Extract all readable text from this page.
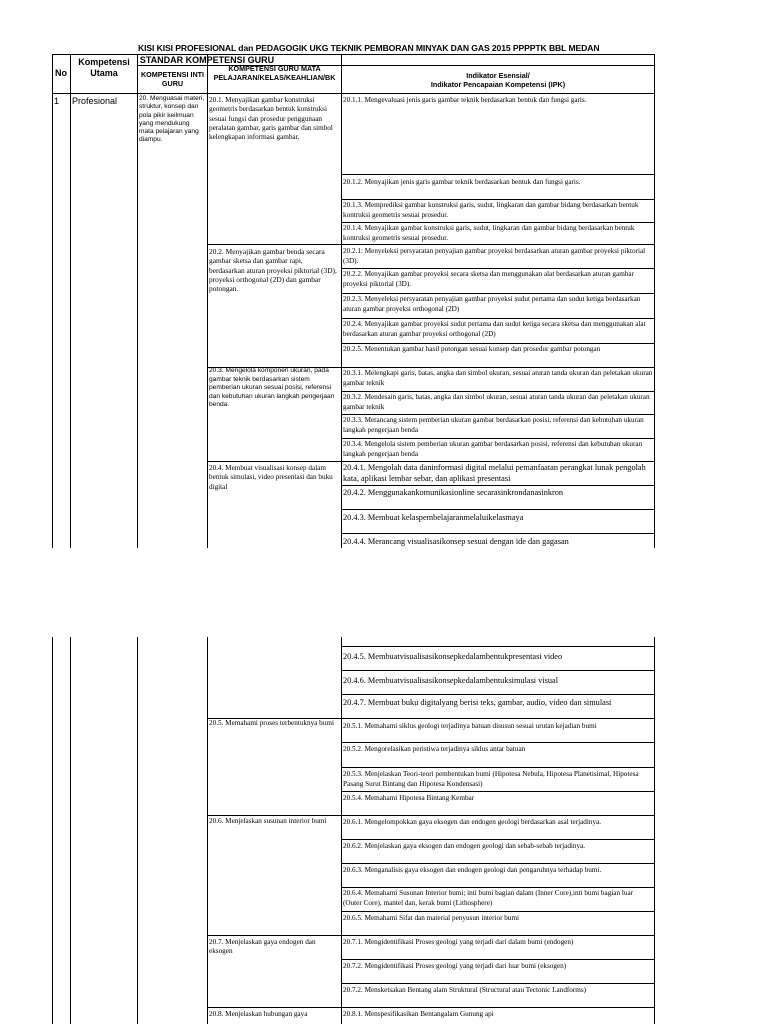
KISI KISI PROFESIONAL dan PEDAGOGIK UKG TEKNIK PEMBORAN MINYAK DAN GAS 2015 PPPPTK BBL MEDAN
No
Kompetensi Utama
STANDAR KOMPETENSI GURU
KOMPETENSI INTI GURU
KOMPETENSI GURU MATA PELAJARAN/KELAS/KEAHLIAN/BK	Indikator Esensial/
Indikator Pencapaian Kompetensi (IPK)
1 Profesional	20. Menguasai materi, struktur, konsep dan pola pikir keilmuan yang mendukung mata pelajaran yang diampu.
20.1. Menyajikan gambar konstruksi geometris berdasarkan bentuk konstruksi sesuai fungsi dan prosedur penggunaan peralatan gambar, garis gambar dan simbol kelengkapan informasi gambar.
20.2. Menyajikan gambar benda secara gambar sketsa dan gambar rapi, berdasarkan aturan proyeksi piktorial (3D), proyeksi orthogonal (2D) dan gambar potongan.
20.3. Mengelola komponen ukuran, pada gambar teknik berdasarkan sistem pemberian ukuran sesuai posisi, referensi dan kebutuhan ukuran langkah pengerjaan benda.
20.4. Membuat visualisasi konsep dalam bentuk simulasi, video presentasi dan buku digital
20.1.1. Mengevaluasi jenis garis gambar teknik berdasarkan bentuk dan fungsi garis.
20.1.2. Menyajikan jenis garis gambar teknik berdasarkan bentuk dan fungsi garis.
20.1.3. Memprediksi gambar konstruksi garis, sudut, lingkaran dan gambar bidang berdasarkan bentuk kontruksi geometris sesuai prosedur.
20.1.4. Menyajikan gambar konstruksi garis, sudut, lingkaran dan gambar bidang berdasarkan bentuk kontruksi geometris sesuai prosedur.
20.2.1: Menyeleksi persyaratan penyajian gambar proyeksi berdasarkan aturan gambar proyeksi piktorial (3D).
20.2.2. Menyajikan gambar proyeksi secara sketsa dan menggunakan alat berdasarkan aturan gambar proyeksi piktorial (3D).
20.2.3. Menyeleksi persyaratan penyajian gambar proyeksi sudut pertama dan sudut ketiga berdasarkan aturan gambar proyeksi orthogonal (2D)
20.2.4. Menyajikan gambar proyeksi sudut pertama dan sudut ketiga secara sketsa dan menggunakan alat berdasarkan aturan gambar proyeksi orthogonal (2D)
20.2.5. Menentukan gambar hasil potongan sesuai konsep dan prosedur gambar potongan
20.3.1. Melengkapi garis, batas, angka dan simbol ukuran, sesuai aturan tanda ukuran dan peletakan ukuran gambar teknik
20.3.2. Mendesain garis, batas, angka dan simbol ukuran, sesuai aturan tanda ukuran dan peletakan ukuran gambar teknik
20.3.3. Merancang sistem pemberian ukuran gambar berdasarkan posisi, referensi dan kebutuhan ukuran langkah pengerjaan benda
20.3.4. Mengelola sistem pemberian ukuran gambar berdasarkan posisi, referensi dan kebutuhan ukuran langkah pengerjaan benda
20.4.1. Mengolah data daninformasi digital melalui pemanfaatan perangkat lunak pengolah kata, aplikasi lembar sebar, dan aplikasi presentasi
20.4.2. Menggunakankomunikasionline secarasinkrondanasinkron
20.4.3. Membuat kelaspembelajaranmelaluikelasmaya
20.4.4. Merancang visualisasikonsep sesuai dengan ide dan gagasan
20.5. Memahami proses terbentuknya bumi
20.6. Menjelaskan susunan interior bumi
20.7. Menjelaskan gaya endogen dan eksogen
20.8. Menjelaskan hubungan gaya
20.4.5. Membuatvisualisasikonsepkedalambentukpresentasi video
20.4.6. Membuatvisualisasikonsepkedalambentuksimulasi visual
20.4.7. Membuat buku digitalyang berisi teks, gambar, audio, video dan simulasi
20.5.1. Memahami siklus geologi terjadinya batuan disusun sesuai urutan kejadian bumi
20.5.2. Mengorelasikan peristiwa terjadinya siklus antar batuan
20.5.3. Menjelaskan Teori-teori pembentukan bumi (Hipotesa Nebula, Hipotesa Planetisimal, Hipotesa Pasang Surut Bintang dan Hipotesa Kondensasi)
20.5.4. Memahami Hipotesa Bintang Kembar
20.6.1. Mengelompokkan gaya eksogen dan endogen geologi berdasarkan asal terjadinya.
20.6.2. Menjelaskan gaya eksogen dan endogen geologi dan sebab-sebab terjadinya.
20.6.3. Menganalisis gaya eksogen dan endogen geologi dan pengaruhnya terhadap bumi.
20.6.4. Memahami Susunan Interior bumi; inti bumi bagian dalam (Inner Core),inti bumi bagian luar (Outer Core), mantel dan, kerak bumi (Lithosphere)
20.6.5. Memahami Sifat dan material penyusun interior bumi
20.7.1. Mengidentifikasi Proses geologi yang terjadi dari dalam bumi (endogen)
20.7.2. Mengidentifikasi Proses geologi yang terjadi dari luar bumi (eksogen)
20.7.2. Mensketsakan Bentang alam Struktural (Structural atau Tectonic Landforms)
20.8.1. Menspesifikasikan Bentangalam Gunung api
